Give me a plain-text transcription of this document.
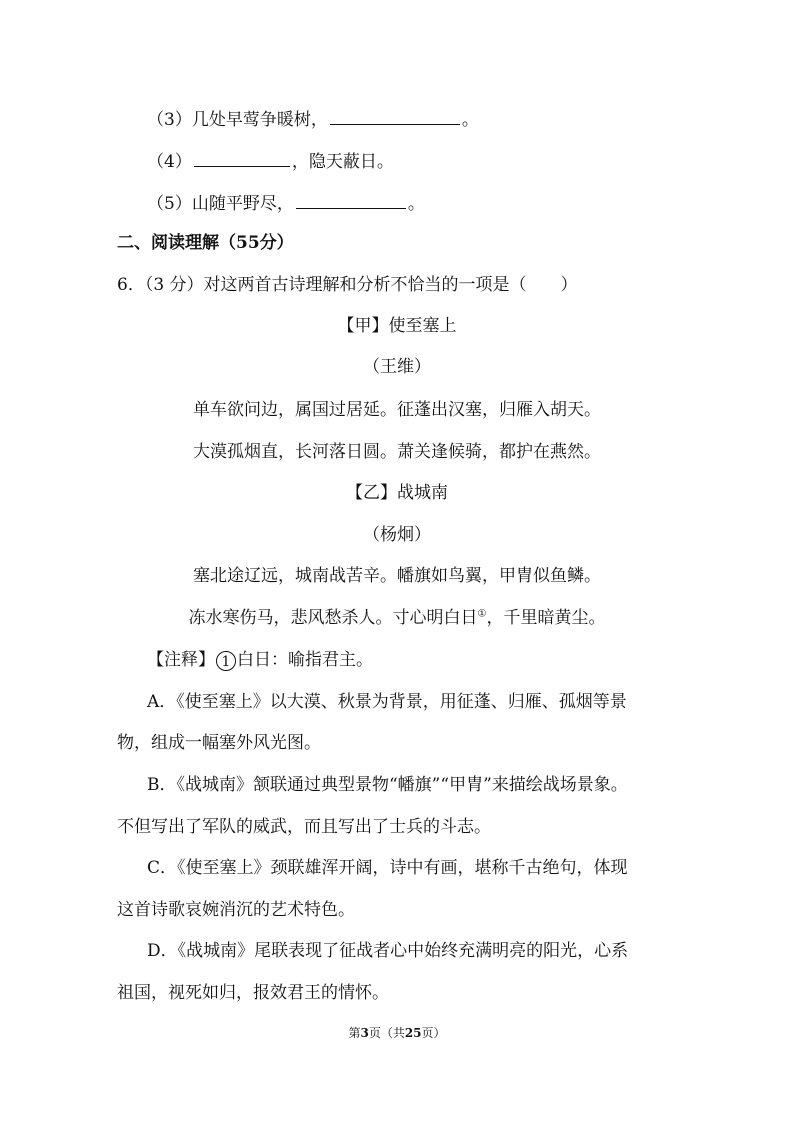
（3）几处早莺争暖树，	。
（4）	，隐天蔽日。
（5）山随平野尽，	。
二、阅读理解（55分）
6．（3 分）对这两首古诗理解和分析不恰当的一项是（　　）
【甲】使至塞上
（王维）
单车欲问边，属国过居延。征蓬出汉塞，归雁入胡天。
大漠孤烟直，长河落日圆。萧关逢候骑，都护在燕然。
【乙】战城南
（杨炯）
塞北途辽远，城南战苦辛。幡旗如鸟翼，甲胄似鱼鳞。
冻水寒伤马，悲风愁杀人。寸心明白日①，千里暗黄尘。
【注释】 1 白日：喻指君主。
A．《使至塞上》以大漠、秋景为背景，用征蓬、归雁、孤烟等景
物，组成一幅塞外风光图。
B．《战城南》颔联通过典型景物“幡旗”“甲胄”来描绘战场景象。
不但写出了军队的威武，而且写出了士兵的斗志。
C．《使至塞上》颈联雄浑开阔，诗中有画，堪称千古绝句，体现
这首诗歌哀婉消沉的艺术特色。
D．《战城南》尾联表现了征战者心中始终充满明亮的阳光，心系
祖国，视死如归，报效君王的情怀。
第3页（共25页）
